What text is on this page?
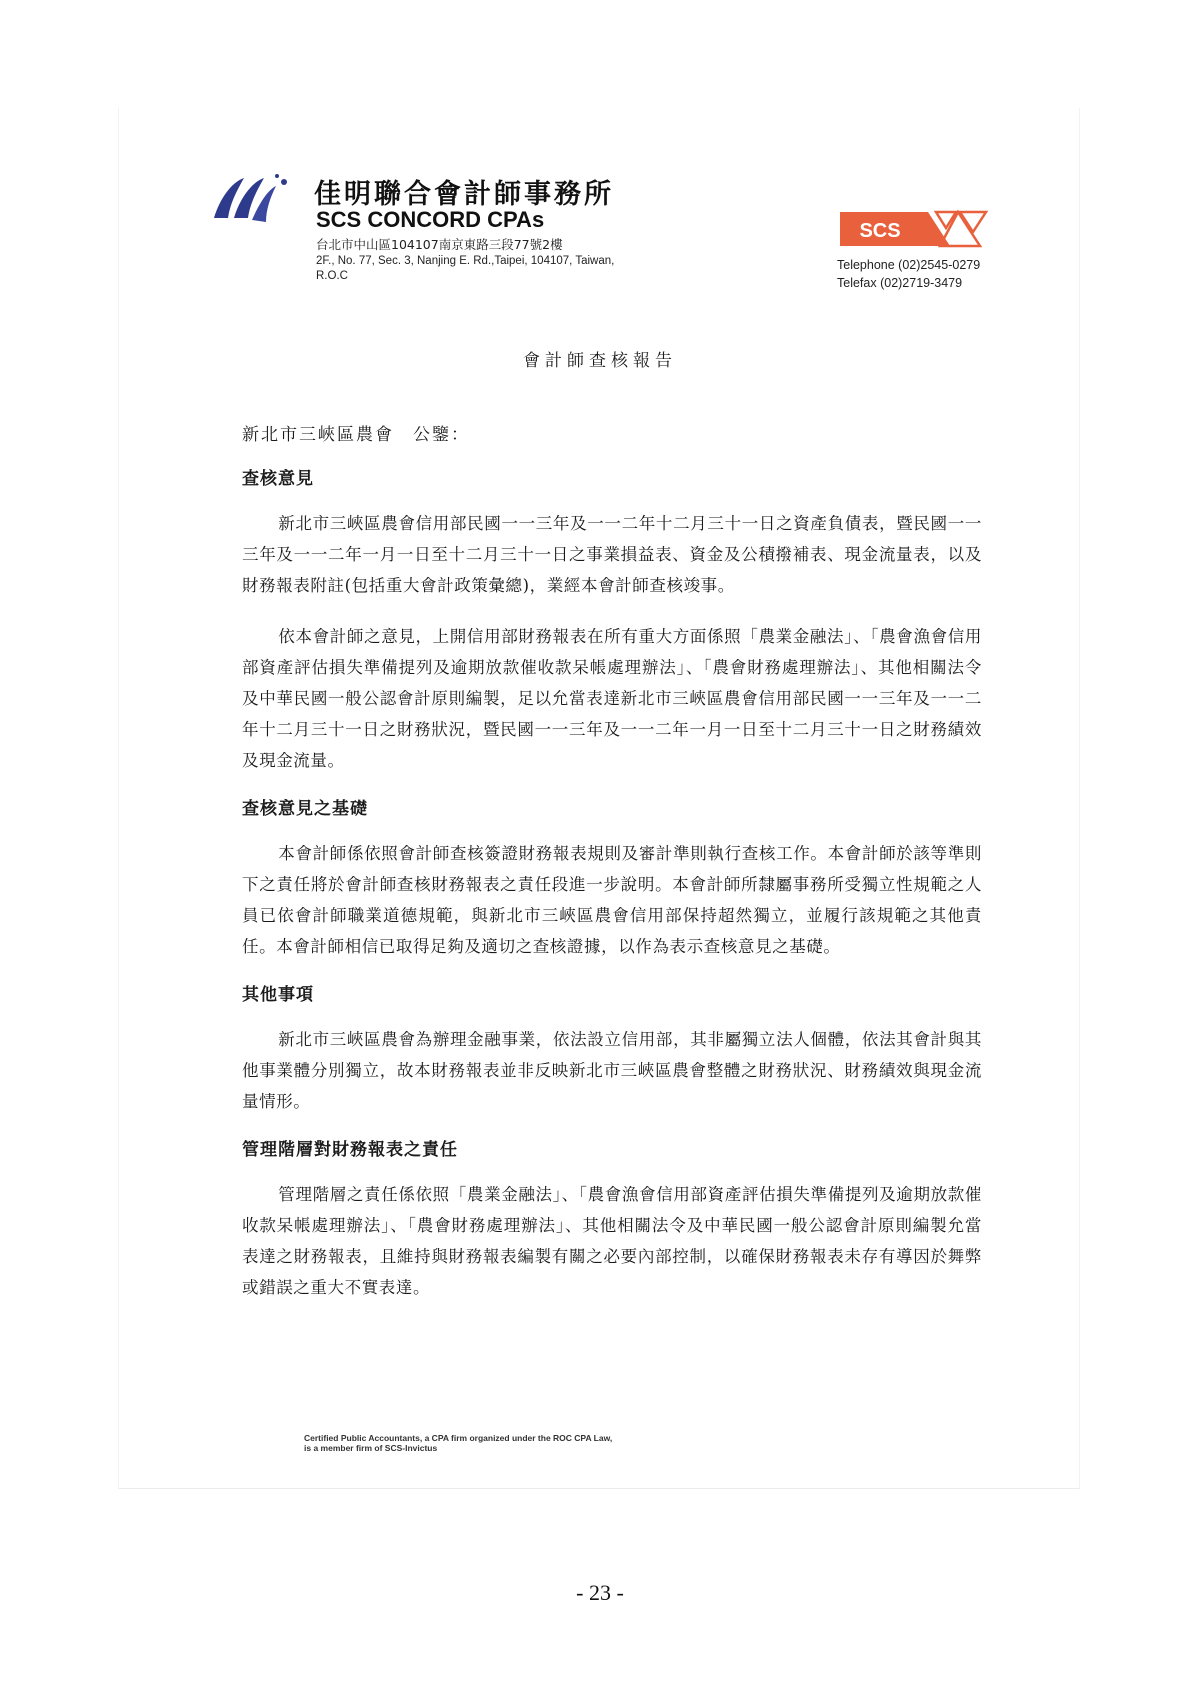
佳明聯合會計師事務所
SCS CONCORD CPAs
台北市中山區104107南京東路三段77號2樓
2F., No. 77, Sec. 3, Nanjing E. Rd.,Taipei, 104107, Taiwan, R.O.C
SCS
Telephone (02)2545-0279
Telefax (02)2719-3479
會計師查核報告
新北市三峽區農會　公鑒：
查核意見

新北市三峽區農會信用部民國一一三年及一一二年十二月三十一日之資產負債表，暨民國一一三年及一一二年一月一日至十二月三十一日之事業損益表、資金及公積撥補表、現金流量表，以及財務報表附註(包括重大會計政策彙總)，業經本會計師查核竣事。

依本會計師之意見，上開信用部財務報表在所有重大方面係照「農業金融法」、「農會漁會信用部資產評估損失準備提列及逾期放款催收款呆帳處理辦法」、「農會財務處理辦法」、其他相關法令及中華民國一般公認會計原則編製，足以允當表達新北市三峽區農會信用部民國一一三年及一一二年十二月三十一日之財務狀況，暨民國一一三年及一一二年一月一日至十二月三十一日之財務績效及現金流量。

查核意見之基礎

本會計師係依照會計師查核簽證財務報表規則及審計準則執行查核工作。本會計師於該等準則下之責任將於會計師查核財務報表之責任段進一步說明。本會計師所隸屬事務所受獨立性規範之人員已依會計師職業道德規範，與新北市三峽區農會信用部保持超然獨立，並履行該規範之其他責任。本會計師相信已取得足夠及適切之查核證據，以作為表示查核意見之基礎。

其他事項

新北市三峽區農會為辦理金融事業，依法設立信用部，其非屬獨立法人個體，依法其會計與其他事業體分別獨立，故本財務報表並非反映新北市三峽區農會整體之財務狀況、財務績效與現金流量情形。

管理階層對財務報表之責任

管理階層之責任係依照「農業金融法」、「農會漁會信用部資產評估損失準備提列及逾期放款催收款呆帳處理辦法」、「農會財務處理辦法」、其他相關法令及中華民國一般公認會計原則編製允當表達之財務報表，且維持與財務報表編製有關之必要內部控制，以確保財務報表未存有導因於舞弊或錯誤之重大不實表達。

Certified Public Accountants, a CPA firm organized under the ROC CPA Law,
is a member firm of SCS-Invictus
- 23 -
